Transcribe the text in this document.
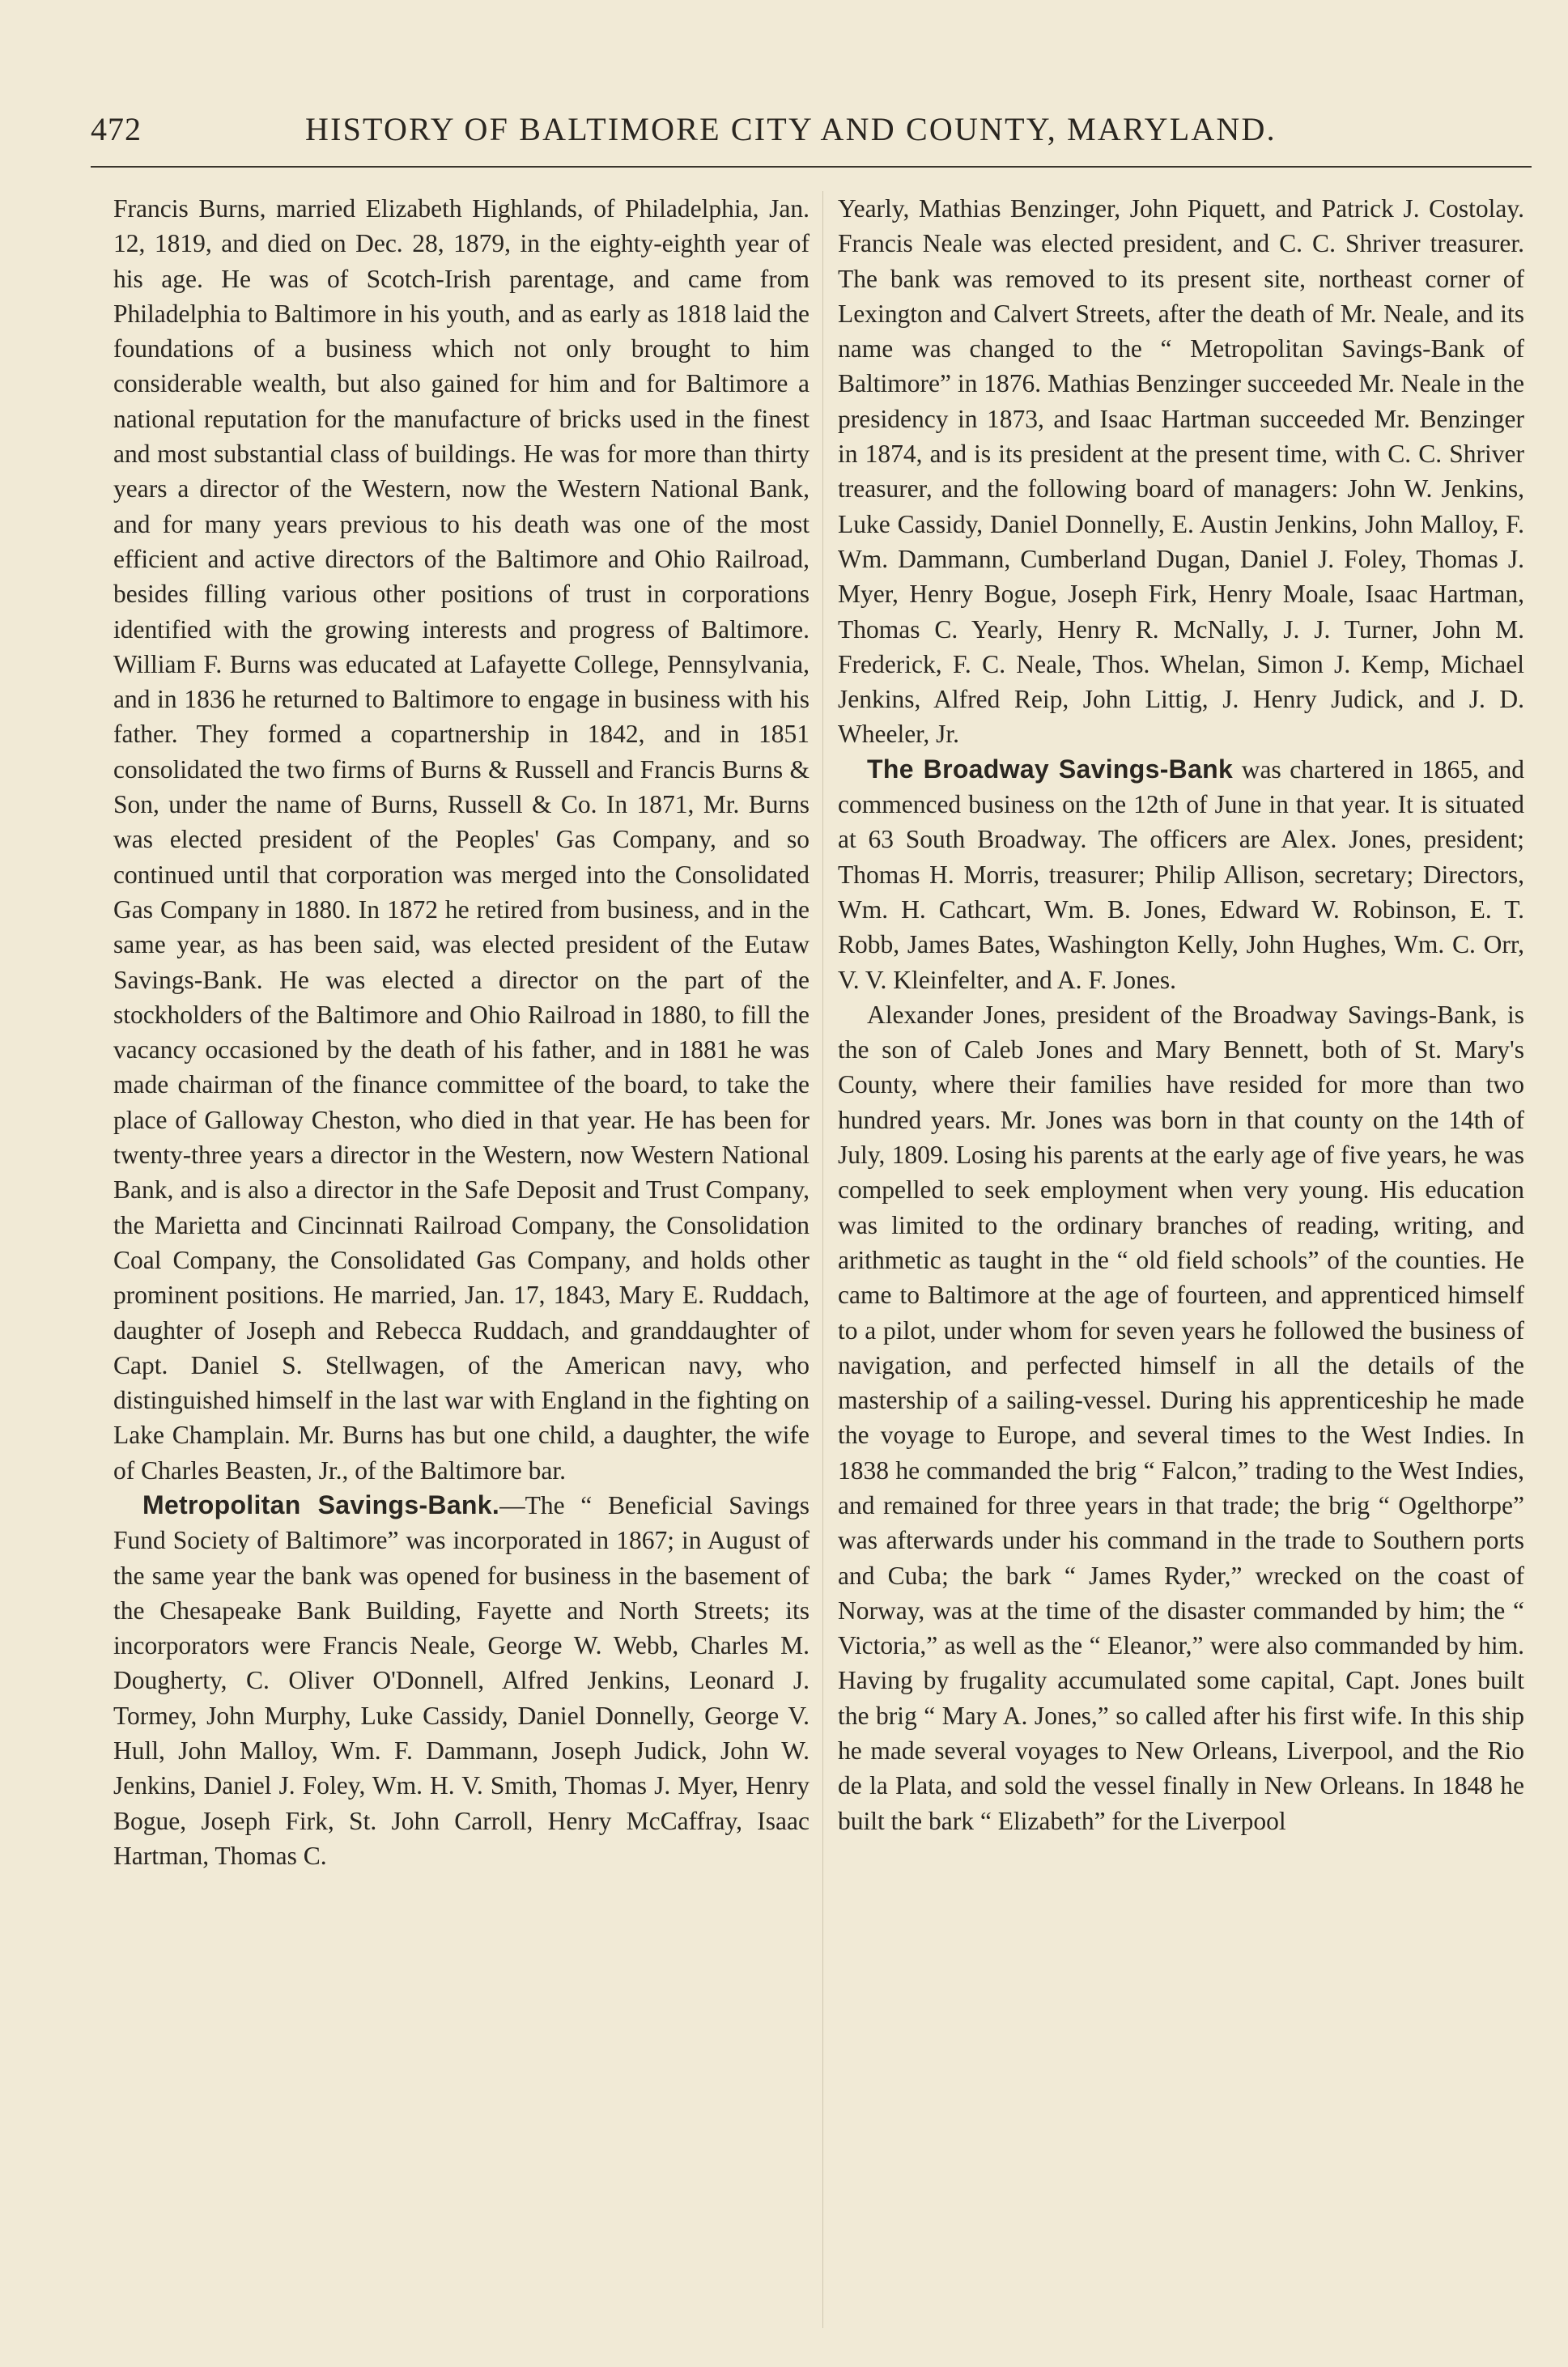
472	HISTORY OF BALTIMORE CITY AND COUNTY, MARYLAND.

Francis Burns, married Elizabeth Highlands, of Philadelphia, Jan. 12, 1819, and died on Dec. 28, 1879, in the eighty-eighth year of his age. He was of Scotch-Irish parentage, and came from Philadelphia to Baltimore in his youth, and as early as 1818 laid the foundations of a business which not only brought to him considerable wealth, but also gained for him and for Baltimore a national reputation for the manufacture of bricks used in the finest and most substantial class of buildings. He was for more than thirty years a director of the Western, now the Western National Bank, and for many years previous to his death was one of the most efficient and active directors of the Baltimore and Ohio Railroad, besides filling various other positions of trust in corporations identified with the growing interests and progress of Baltimore. William F. Burns was educated at Lafayette College, Pennsylvania, and in 1836 he returned to Baltimore to engage in business with his father. They formed a copartnership in 1842, and in 1851 consolidated the two firms of Burns & Russell and Francis Burns & Son, under the name of Burns, Russell & Co. In 1871, Mr. Burns was elected president of the Peoples' Gas Company, and so continued until that corporation was merged into the Consolidated Gas Company in 1880. In 1872 he retired from business, and in the same year, as has been said, was elected president of the Eutaw Savings-Bank. He was elected a director on the part of the stockholders of the Baltimore and Ohio Railroad in 1880, to fill the vacancy occasioned by the death of his father, and in 1881 he was made chairman of the finance committee of the board, to take the place of Galloway Cheston, who died in that year. He has been for twenty-three years a director in the Western, now Western National Bank, and is also a director in the Safe Deposit and Trust Company, the Marietta and Cincinnati Railroad Company, the Consolidation Coal Company, the Consolidated Gas Company, and holds other prominent positions. He married, Jan. 17, 1843, Mary E. Ruddach, daughter of Joseph and Rebecca Ruddach, and granddaughter of Capt. Daniel S. Stellwagen, of the American navy, who distinguished himself in the last war with England in the fighting on Lake Champlain. Mr. Burns has but one child, a daughter, the wife of Charles Beasten, Jr., of the Baltimore bar.

Metropolitan Savings-Bank.—The “ Beneficial Savings Fund Society of Baltimore” was incorporated in 1867; in August of the same year the bank was opened for business in the basement of the Chesapeake Bank Building, Fayette and North Streets; its incorporators were Francis Neale, George W. Webb, Charles M. Dougherty, C. Oliver O'Donnell, Alfred Jenkins, Leonard J. Tormey, John Murphy, Luke Cassidy, Daniel Donnelly, George V. Hull, John Malloy, Wm. F. Dammann, Joseph Judick, John W. Jenkins, Daniel J. Foley, Wm. H. V. Smith, Thomas J. Myer, Henry Bogue, Joseph Firk, St. John Carroll, Henry McCaffray, Isaac Hartman, Thomas C.

Yearly, Mathias Benzinger, John Piquett, and Patrick J. Costolay. Francis Neale was elected president, and C. C. Shriver treasurer. The bank was removed to its present site, northeast corner of Lexington and Calvert Streets, after the death of Mr. Neale, and its name was changed to the “ Metropolitan Savings-Bank of Baltimore” in 1876. Mathias Benzinger succeeded Mr. Neale in the presidency in 1873, and Isaac Hartman succeeded Mr. Benzinger in 1874, and is its president at the present time, with C. C. Shriver treasurer, and the following board of managers: John W. Jenkins, Luke Cassidy, Daniel Donnelly, E. Austin Jenkins, John Malloy, F. Wm. Dammann, Cumberland Dugan, Daniel J. Foley, Thomas J. Myer, Henry Bogue, Joseph Firk, Henry Moale, Isaac Hartman, Thomas C. Yearly, Henry R. McNally, J. J. Turner, John M. Frederick, F. C. Neale, Thos. Whelan, Simon J. Kemp, Michael Jenkins, Alfred Reip, John Littig, J. Henry Judick, and J. D. Wheeler, Jr.

The Broadway Savings-Bank was chartered in 1865, and commenced business on the 12th of June in that year. It is situated at 63 South Broadway. The officers are Alex. Jones, president; Thomas H. Morris, treasurer; Philip Allison, secretary; Directors, Wm. H. Cathcart, Wm. B. Jones, Edward W. Robinson, E. T. Robb, James Bates, Washington Kelly, John Hughes, Wm. C. Orr, V. V. Kleinfelter, and A. F. Jones.

Alexander Jones, president of the Broadway Savings-Bank, is the son of Caleb Jones and Mary Bennett, both of St. Mary's County, where their families have resided for more than two hundred years. Mr. Jones was born in that county on the 14th of July, 1809. Losing his parents at the early age of five years, he was compelled to seek employment when very young. His education was limited to the ordinary branches of reading, writing, and arithmetic as taught in the “ old field schools” of the counties. He came to Baltimore at the age of fourteen, and apprenticed himself to a pilot, under whom for seven years he followed the business of navigation, and perfected himself in all the details of the mastership of a sailing-vessel. During his apprenticeship he made the voyage to Europe, and several times to the West Indies. In 1838 he commanded the brig “ Falcon,” trading to the West Indies, and remained for three years in that trade; the brig “ Ogelthorpe” was afterwards under his command in the trade to Southern ports and Cuba; the bark “ James Ryder,” wrecked on the coast of Norway, was at the time of the disaster commanded by him; the “ Victoria,” as well as the “ Eleanor,” were also commanded by him. Having by frugality accumulated some capital, Capt. Jones built the brig “ Mary A. Jones,” so called after his first wife. In this ship he made several voyages to New Orleans, Liverpool, and the Rio de la Plata, and sold the vessel finally in New Orleans. In 1848 he built the bark “ Elizabeth” for the Liverpool
